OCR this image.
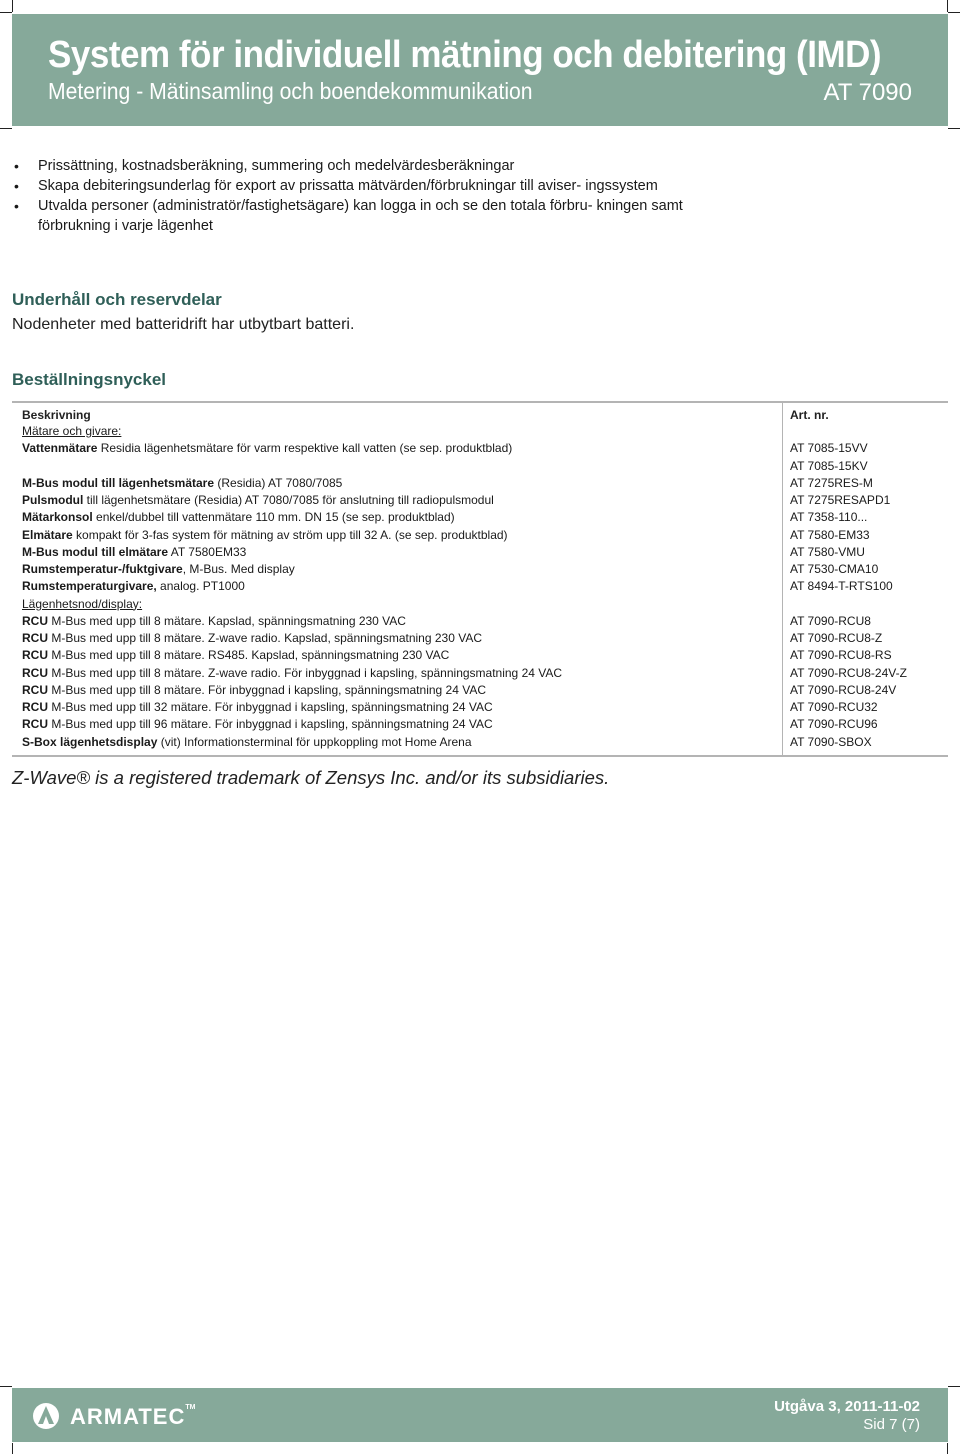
System för individuell mätning och debitering (IMD)
Metering - Mätinsamling och boendekommunikation	AT 7090
• Prissättning, kostnadsberäkning, summering och medelvärdesberäkningar
• Skapa debiteringsunderlag för export av prissatta mätvärden/förbrukningar till aviser- ingssystem
• Utvalda personer (administratör/fastighetsägare) kan logga in och se den totala förbru- kningen samt förbrukning i varje lägenhet
Underhåll och reservdelar
Nodenheter med batteridrift har utbytbart batteri.
Beställningsnyckel
Beskrivning	Art. nr.
Mätare och givare:
Vattenmätare Residia lägenhetsmätare för varm respektive kall vatten (se sep. produktblad)	AT 7085-15VV
AT 7085-15KV
M-Bus modul till lägenhetsmätare (Residia) AT 7080/7085	AT 7275RES-M
Pulsmodul till lägenhetsmätare (Residia) AT 7080/7085 för anslutning till radiopulsmodul	AT 7275RESAPD1
Mätarkonsol enkel/dubbel till vattenmätare 110 mm. DN 15 (se sep. produktblad)	AT 7358-110...
Elmätare kompakt för 3-fas system för mätning av ström upp till 32 A. (se sep. produktblad)	AT 7580-EM33
M-Bus modul till elmätare AT 7580EM33	AT 7580-VMU
Rumstemperatur-/fuktgivare, M-Bus. Med display	AT 7530-CMA10
Rumstemperaturgivare, analog. PT1000	AT 8494-T-RTS100
Lägenhetsnod/display:
RCU M-Bus med upp till 8 mätare. Kapslad, spänningsmatning 230 VAC	AT 7090-RCU8
RCU M-Bus med upp till 8 mätare. Z-wave radio. Kapslad, spänningsmatning 230 VAC	AT 7090-RCU8-Z
RCU M-Bus med upp till 8 mätare. RS485. Kapslad, spänningsmatning 230 VAC	AT 7090-RCU8-RS
RCU M-Bus med upp till 8 mätare. Z-wave radio. För inbyggnad i kapsling, spänningsmatning 24 VAC	AT 7090-RCU8-24V-Z
RCU M-Bus med upp till 8 mätare. För inbyggnad i kapsling, spänningsmatning 24 VAC	AT 7090-RCU8-24V
RCU M-Bus med upp till 32 mätare. För inbyggnad i kapsling, spänningsmatning 24 VAC	AT 7090-RCU32
RCU M-Bus med upp till 96 mätare. För inbyggnad i kapsling, spänningsmatning 24 VAC	AT 7090-RCU96
S-Box lägenhetsdisplay (vit) Informationsterminal för uppkoppling mot Home Arena	AT 7090-SBOX
Z-Wave® is a registered trademark of Zensys Inc. and/or its subsidiaries.
ARMATEC™	Utgåva 3, 2011-11-02
Sid 7 (7)
